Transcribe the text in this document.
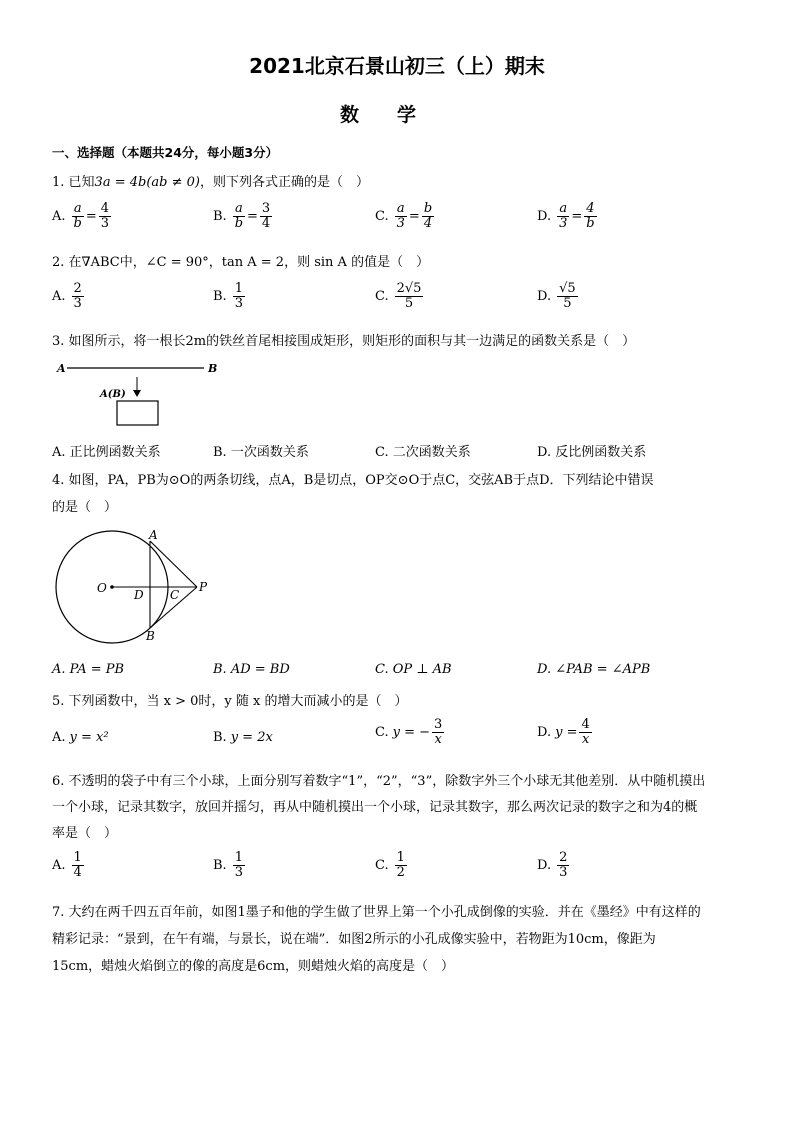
2021北京石景山初三（上）期末
数学
一、选择题（本题共24分，每小题3分）
1. 已知3a = 4b(ab ≠ 0)，则下列各式正确的是（　）
A. $\frac{a}{b} = \frac{4}{3}$	B. $\frac{a}{b} = \frac{3}{4}$	C. $\frac{a}{3} = \frac{b}{4}$	D. $\frac{a}{3} = \frac{4}{b}$
2. 在∇ABC中，∠C = 90°，tan A = 2，则 sin A 的值是（　）
A. $\frac{2}{3}$	B. $\frac{1}{3}$	C. $\frac{2√5}{5}$	D. $\frac{√5}{5}$
3. 如图所示，将一根长2m的铁丝首尾相接围成矩形，则矩形的面积与其一边满足的函数关系是（　）
A	B
A(B)
A. 正比例函数关系	B. 一次函数关系	C. 二次函数关系	D. 反比例函数关系
4. 如图，PA，PB为⊙O的两条切线，点A，B是切点，OP交⊙O于点C，交弦AB于点D．下列结论中错误
的是（　）
A
B
O D C
P
A. PA = PB	B. AD = BD	C. OP ⊥ AB	D. ∠PAB = ∠APB
5. 下列函数中，当 x > 0时，y 随 x 的增大而减小的是（　）
A. y = x²	B. y = 2x	C. y = − $\frac{3}{x}$	D. $y = \frac{4}{x}$
6. 不透明的袋子中有三个小球，上面分别写着数字“1”，“2”，“3”，除数字外三个小球无其他差别．从中随机摸出
一个小球，记录其数字，放回并摇匀，再从中随机摸出一个小球，记录其数字，那么两次记录的数字之和为4的概
率是（　）
A. $\frac{1}{4}$	B. $\frac{1}{3}$	C. $\frac{1}{2}$	D. $\frac{2}{3}$
7. 大约在两千四五百年前，如图1墨子和他的学生做了世界上第一个小孔成倒像的实验．并在《墨经》中有这样的
精彩记录：“景到，在午有端，与景长，说在端”．如图2所示的小孔成像实验中，若物距为10cm，像距为
15cm，蜡烛火焰倒立的像的高度是6cm，则蜡烛火焰的高度是（　）
